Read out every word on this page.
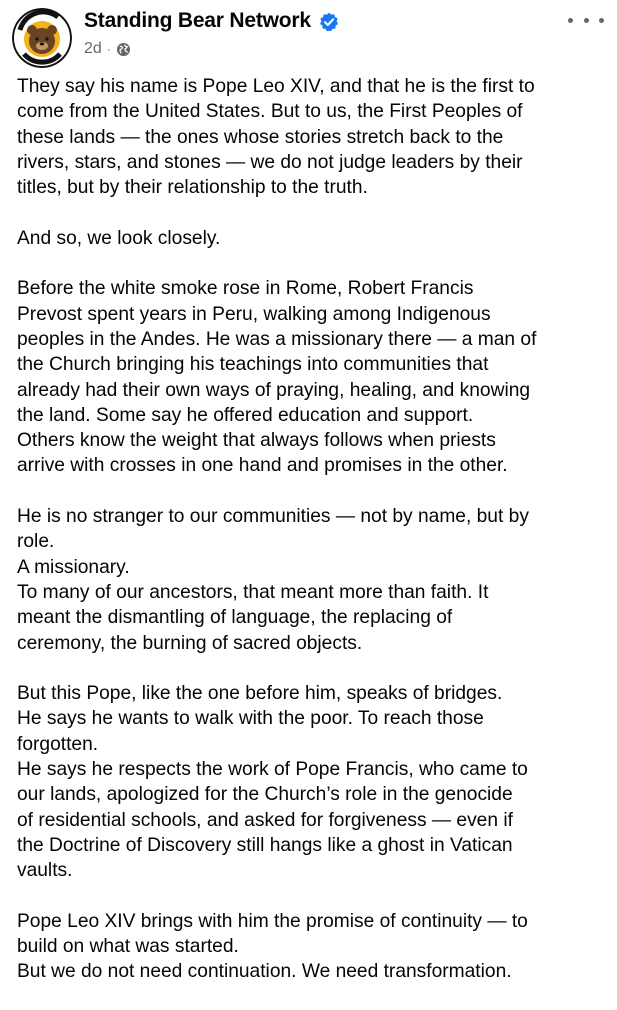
Standing Bear Network
2d ·

They say his name is Pope Leo XIV, and that he is the first to
come from the United States. But to us, the First Peoples of
these lands — the ones whose stories stretch back to the
rivers, stars, and stones — we do not judge leaders by their
titles, but by their relationship to the truth.

And so, we look closely.

Before the white smoke rose in Rome, Robert Francis
Prevost spent years in Peru, walking among Indigenous
peoples in the Andes. He was a missionary there — a man of
the Church bringing his teachings into communities that
already had their own ways of praying, healing, and knowing
the land. Some say he offered education and support.
Others know the weight that always follows when priests
arrive with crosses in one hand and promises in the other.

He is no stranger to our communities — not by name, but by
role.
A missionary.
To many of our ancestors, that meant more than faith. It
meant the dismantling of language, the replacing of
ceremony, the burning of sacred objects.

But this Pope, like the one before him, speaks of bridges.
He says he wants to walk with the poor. To reach those
forgotten.
He says he respects the work of Pope Francis, who came to
our lands, apologized for the Church’s role in the genocide
of residential schools, and asked for forgiveness — even if
the Doctrine of Discovery still hangs like a ghost in Vatican
vaults.

Pope Leo XIV brings with him the promise of continuity — to
build on what was started.
But we do not need continuation. We need transformation.
